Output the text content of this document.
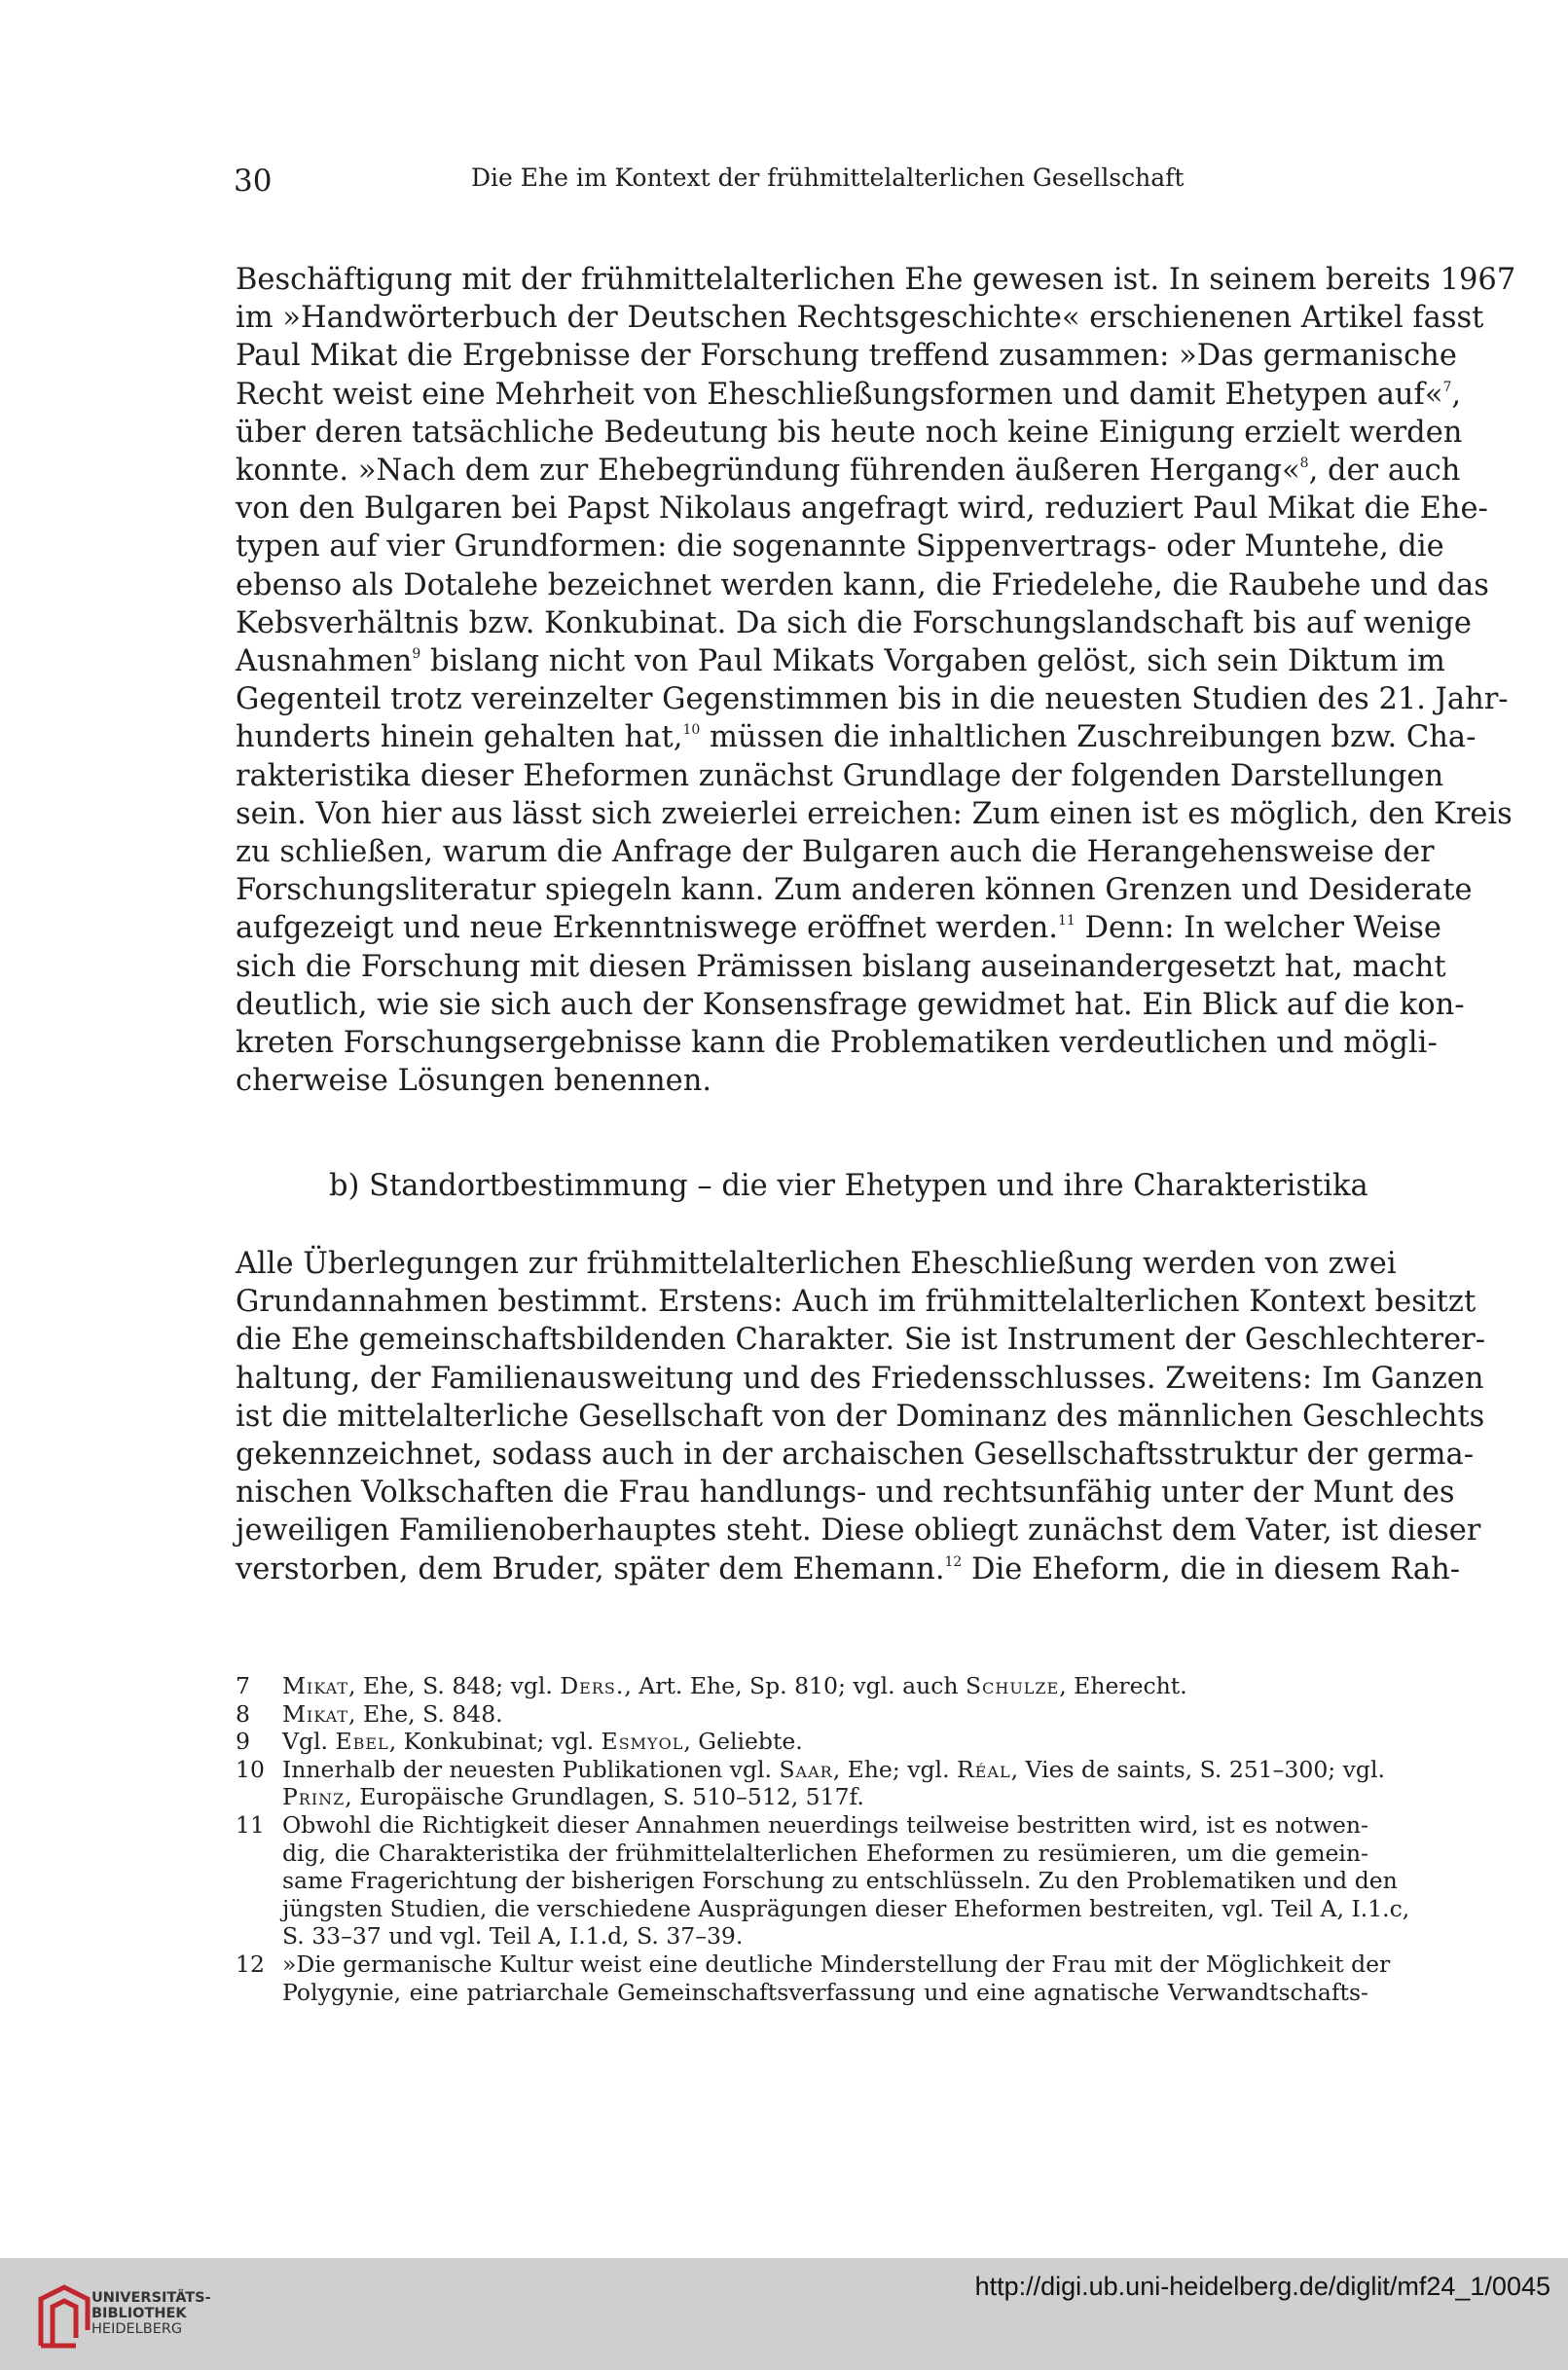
30	Die Ehe im Kontext der frühmittelalterlichen Gesellschaft
Beschäftigung mit der frühmittelalterlichen Ehe gewesen ist. In seinem bereits 1967
im »Handwörterbuch der Deutschen Rechtsgeschichte« erschienenen Artikel fasst
Paul Mikat die Ergebnisse der Forschung treffend zusammen: »Das germanische
Recht weist eine Mehrheit von Eheschließungsformen und damit Ehetypen auf«$^7$,
über deren tatsächliche Bedeutung bis heute noch keine Einigung erzielt werden
konnte. »Nach dem zur Ehebegründung führenden äußeren Hergang«$^8$, der auch
von den Bulgaren bei Papst Nikolaus angefragt wird, reduziert Paul Mikat die Ehe-
typen auf vier Grundformen: die sogenannte Sippenvertrags- oder Muntehe, die
ebenso als Dotalehe bezeichnet werden kann, die Friedelehe, die Raubehe und das
Kebsverhältnis bzw. Konkubinat. Da sich die Forschungslandschaft bis auf wenige
Ausnahmen$^9$ bislang nicht von Paul Mikats Vorgaben gelöst, sich sein Diktum im
Gegenteil trotz vereinzelter Gegenstimmen bis in die neuesten Studien des 21. Jahr-
hunderts hinein gehalten hat,$^{10}$ müssen die inhaltlichen Zuschreibungen bzw. Cha-
rakteristika dieser Eheformen zunächst Grundlage der folgenden Darstellungen
sein. Von hier aus lässt sich zweierlei erreichen: Zum einen ist es möglich, den Kreis
zu schließen, warum die Anfrage der Bulgaren auch die Herangehensweise der
Forschungsliteratur spiegeln kann. Zum anderen können Grenzen und Desiderate
aufgezeigt und neue Erkenntniswege eröffnet werden.$^{11}$ Denn: In welcher Weise
sich die Forschung mit diesen Prämissen bislang auseinandergesetzt hat, macht
deutlich, wie sie sich auch der Konsensfrage gewidmet hat. Ein Blick auf die kon-
kreten Forschungsergebnisse kann die Problematiken verdeutlichen und mögli-
cherweise Lösungen benennen.
b) Standortbestimmung – die vier Ehetypen und ihre Charakteristika
Alle Überlegungen zur frühmittelalterlichen Eheschließung werden von zwei
Grundannahmen bestimmt. Erstens: Auch im frühmittelalterlichen Kontext besitzt
die Ehe gemeinschaftsbildenden Charakter. Sie ist Instrument der Geschlechterer-
haltung, der Familienausweitung und des Friedensschlusses. Zweitens: Im Ganzen
ist die mittelalterliche Gesellschaft von der Dominanz des männlichen Geschlechts
gekennzeichnet, sodass auch in der archaischen Gesellschaftsstruktur der germa-
nischen Volkschaften die Frau handlungs- und rechtsunfähig unter der Munt des
jeweiligen Familienoberhauptes steht. Diese obliegt zunächst dem Vater, ist dieser
verstorben, dem Bruder, später dem Ehemann.$^{12}$ Die Eheform, die in diesem Rah-
7 Mikat, Ehe, S. 848; vgl. Ders., Art. Ehe, Sp. 810; vgl. auch Schulze, Eherecht.
8 Mikat, Ehe, S. 848.
9 Vgl. Ebel, Konkubinat; vgl. Esmyol, Geliebte.
10 Innerhalb der neuesten Publikationen vgl. Saar, Ehe; vgl. Réal, Vies de saints, S. 251–300; vgl.
Prinz, Europäische Grundlagen, S. 510–512, 517f.
11 Obwohl die Richtigkeit dieser Annahmen neuerdings teilweise bestritten wird, ist es notwen-
dig, die Charakteristika der frühmittelalterlichen Eheformen zu resümieren, um die gemein-
same Fragerichtung der bisherigen Forschung zu entschlüsseln. Zu den Problematiken und den
jüngsten Studien, die verschiedene Ausprägungen dieser Eheformen bestreiten, vgl. Teil A, I.1.c,
S. 33–37 und vgl. Teil A, I.1.d, S. 37–39.
12 »Die germanische Kultur weist eine deutliche Minderstellung der Frau mit der Möglichkeit der
Polygynie, eine patriarchale Gemeinschaftsverfassung und eine agnatische Verwandtschafts-
UNIVERSITÄTS-
BIBLIOTHEK
HEIDELBERG
http://digi.ub.uni-heidelberg.de/diglit/mf24_1/0045
